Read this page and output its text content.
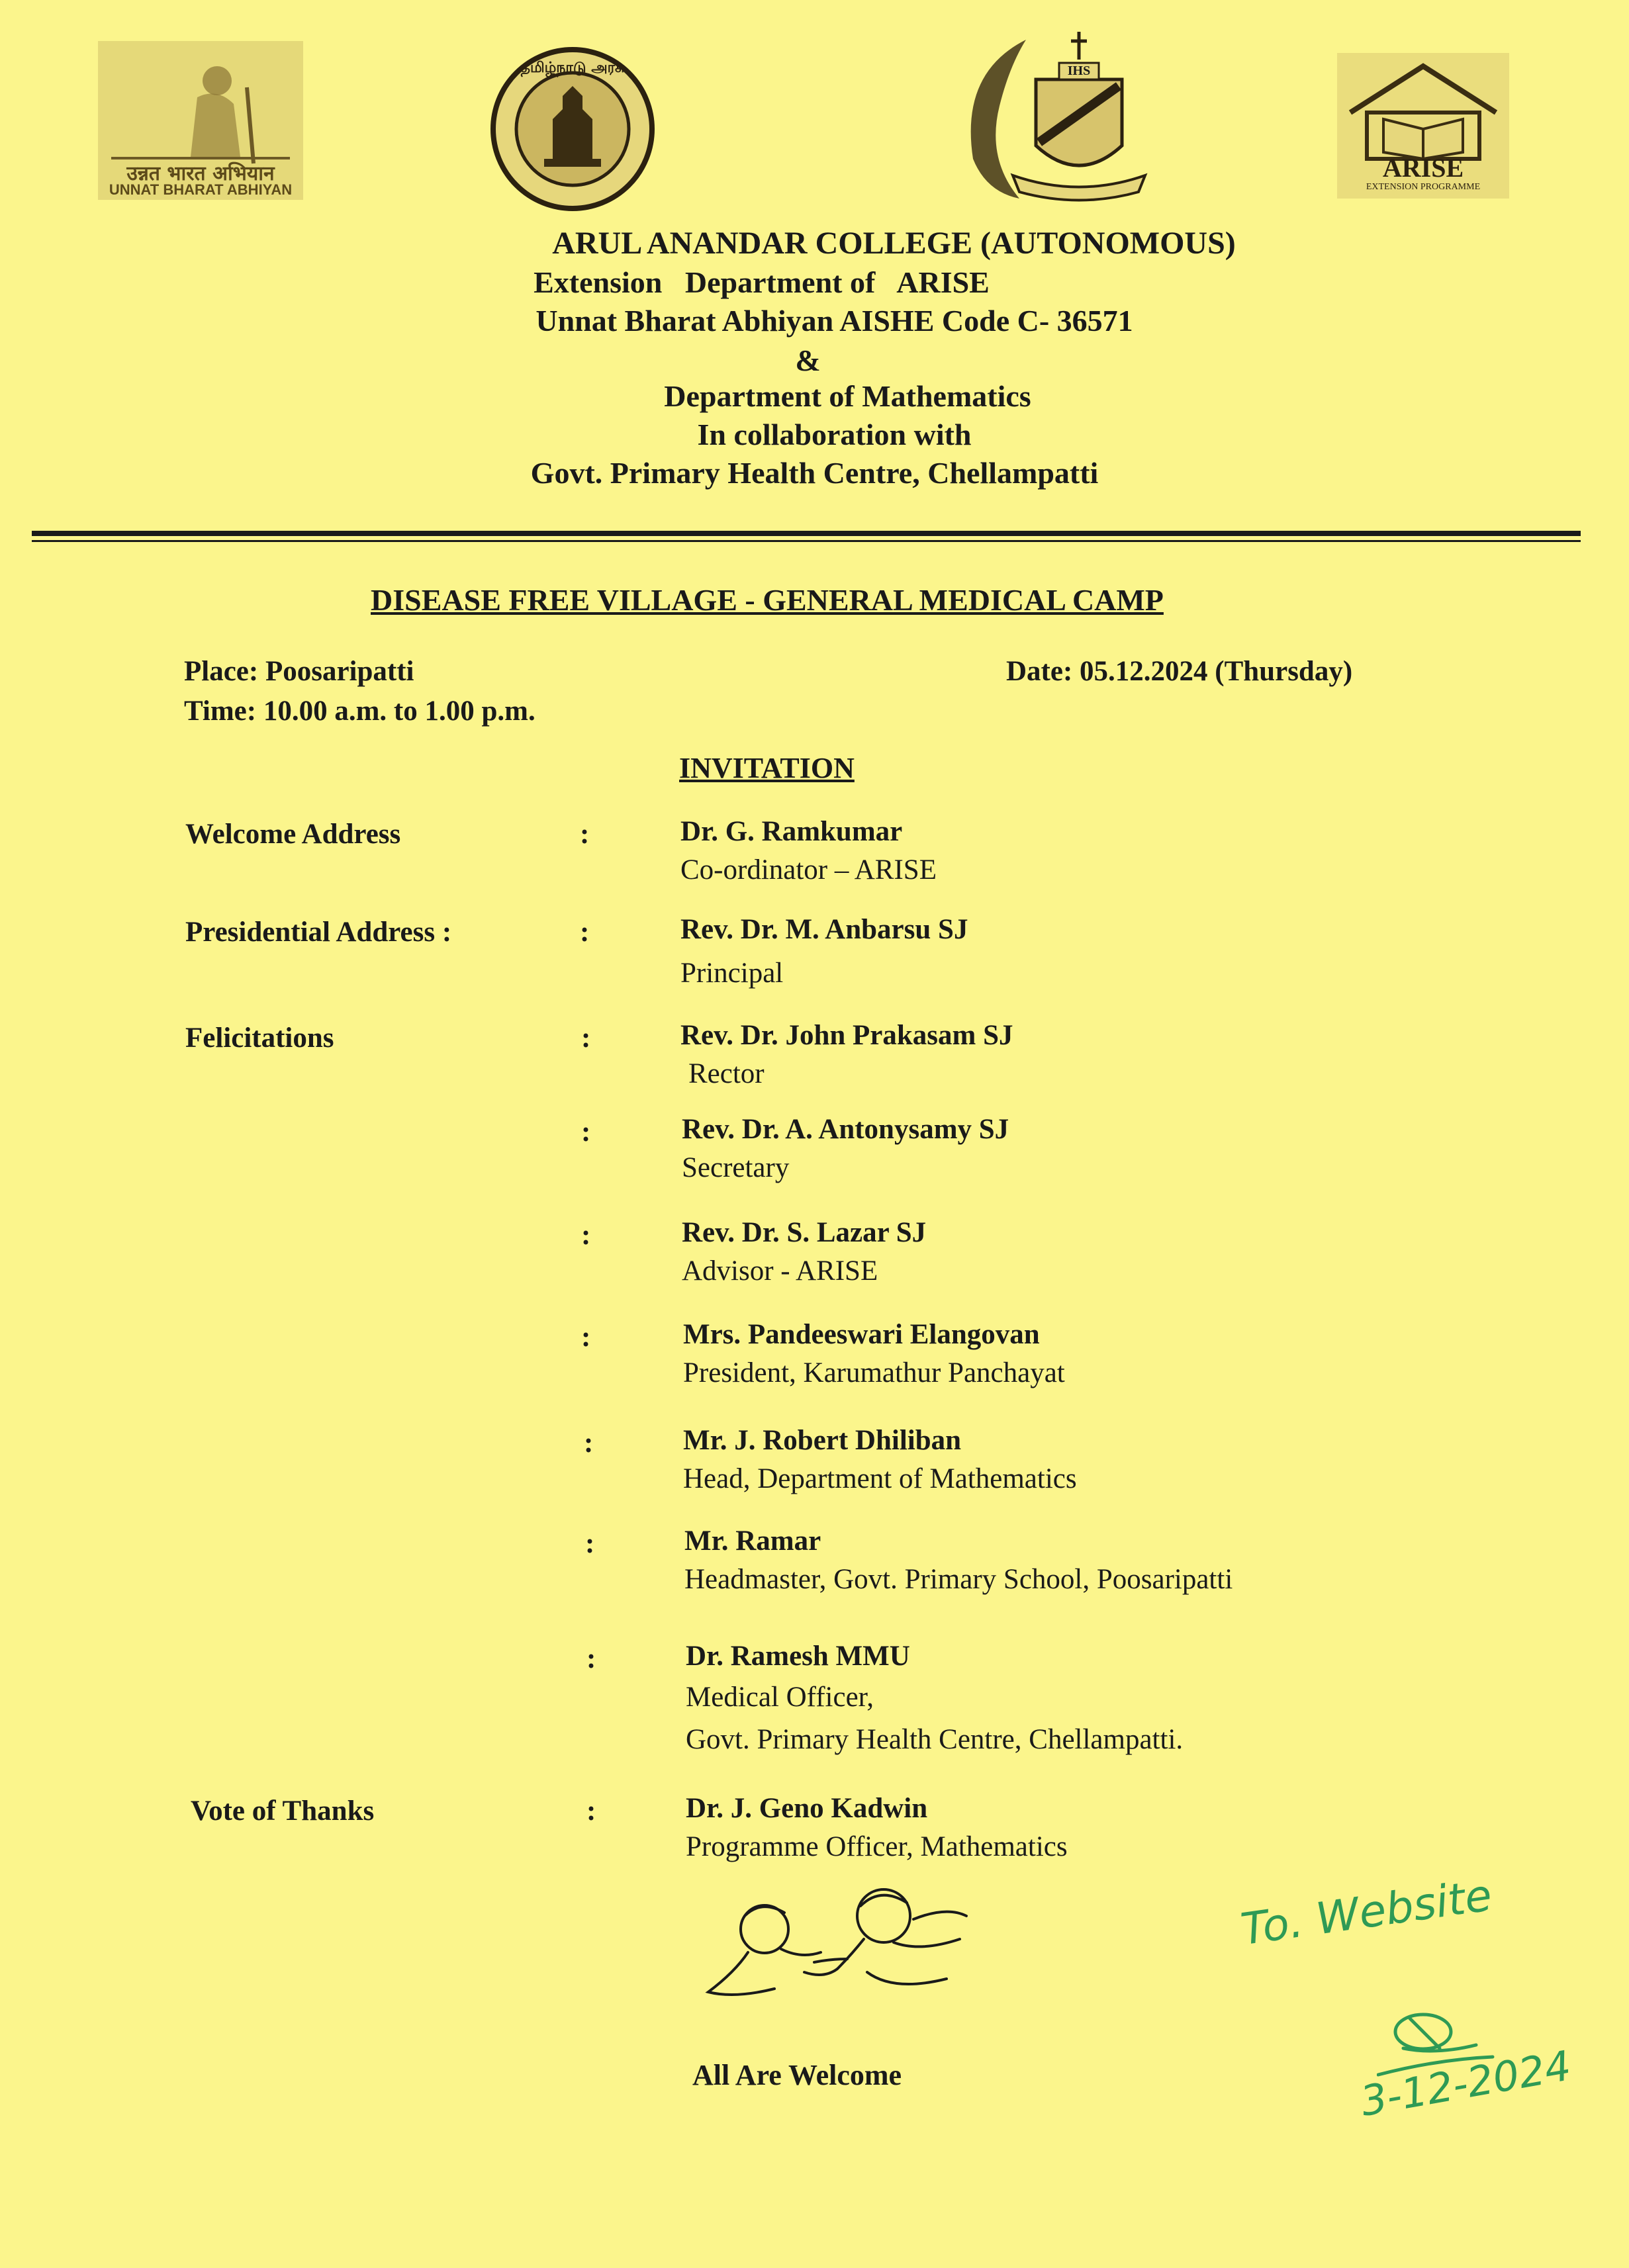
उन्नत भारत अभियान
UNNAT BHARAT ABHIYAN
தமிழ்நாடு அரசு	IHS
ARISE
EXTENSION PROGRAMME
ARUL ANANDAR COLLEGE (AUTONOMOUS)
Extension   Department of   ARISE
Unnat Bharat Abhiyan AISHE Code C- 36571
&
Department of Mathematics
In collaboration with
Govt. Primary Health Centre, Chellampatti
DISEASE FREE VILLAGE - GENERAL MEDICAL CAMP
Place: Poosaripatti
Time: 10.00 a.m. to 1.00 p.m.
Date: 05.12.2024 (Thursday)
INVITATION
Welcome Address	:	Dr. G. Ramkumar
Co-ordinator – ARISE
Presidential Address :	:	Rev. Dr. M. Anbarsu SJ
Principal
Felicitations	:	Rev. Dr. John Prakasam SJ
Rector
:	Rev. Dr. A. Antonysamy SJ
Secretary
:	Rev. Dr. S. Lazar SJ
Advisor - ARISE
:	Mrs. Pandeeswari Elangovan
President, Karumathur Panchayat
:	Mr. J. Robert Dhiliban
Head, Department of Mathematics
:	Mr. Ramar
Headmaster, Govt. Primary School, Poosaripatti
:	Dr. Ramesh MMU
Medical Officer,
Govt. Primary Health Centre, Chellampatti.
Vote of Thanks	:	Dr. J. Geno Kadwin
Programme Officer, Mathematics
All Are Welcome
To. Website
3-12-2024
